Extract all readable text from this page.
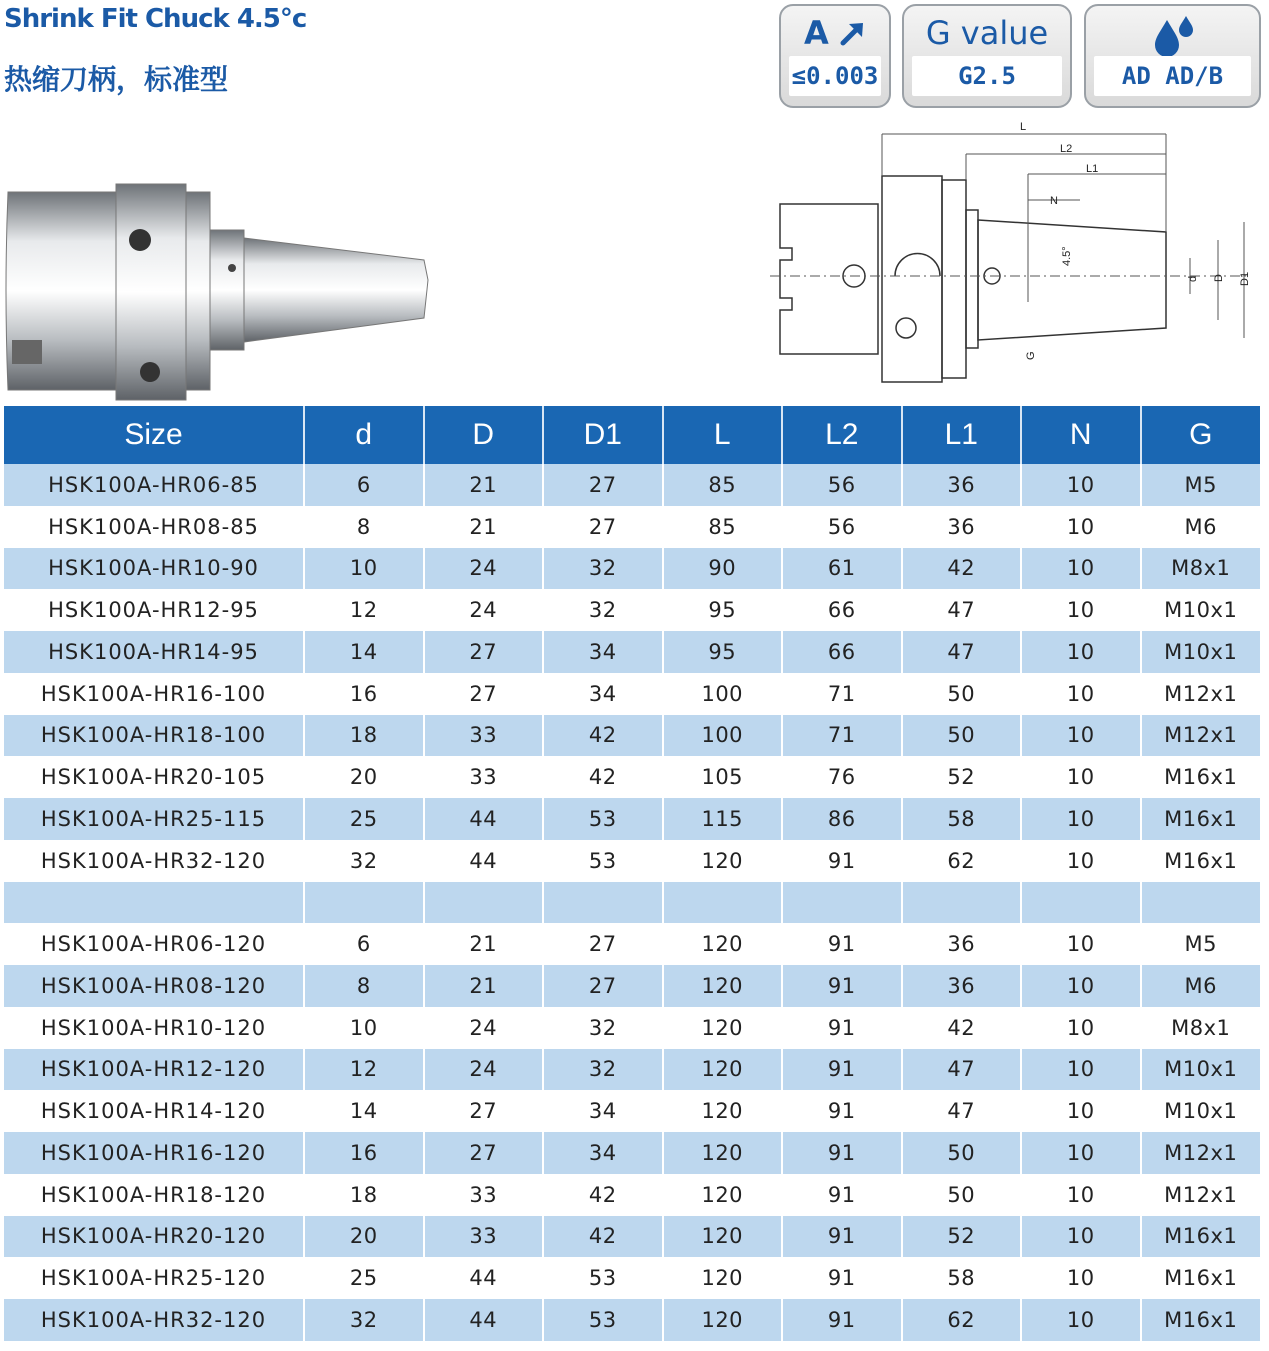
Shrink Fit Chuck 4.5°c
热缩刀柄，标准型
A
≤0.003
G value
G2.5	AD AD/B
L
L2
L1
N
4.5°
d D D1
G
Size	d	D	D1	L	L2	L1	N	G
HSK100A-HR06-85	6	21	27	85	56	36	10	M5
HSK100A-HR08-85	8	21	27	85	56	36	10	M6
HSK100A-HR10-90	10	24	32	90	61	42	10	M8x1
HSK100A-HR12-95	12	24	32	95	66	47	10	M10x1
HSK100A-HR14-95	14	27	34	95	66	47	10	M10x1
HSK100A-HR16-100	16	27	34	100	71	50	10	M12x1
HSK100A-HR18-100	18	33	42	100	71	50	10	M12x1
HSK100A-HR20-105	20	33	42	105	76	52	10	M16x1
HSK100A-HR25-115	25	44	53	115	86	58	10	M16x1
HSK100A-HR32-120	32	44	53	120	91	62	10	M16x1

HSK100A-HR06-120	6	21	27	120	91	36	10	M5
HSK100A-HR08-120	8	21	27	120	91	36	10	M6
HSK100A-HR10-120	10	24	32	120	91	42	10	M8x1
HSK100A-HR12-120	12	24	32	120	91	47	10	M10x1
HSK100A-HR14-120	14	27	34	120	91	47	10	M10x1
HSK100A-HR16-120	16	27	34	120	91	50	10	M12x1
HSK100A-HR18-120	18	33	42	120	91	50	10	M12x1
HSK100A-HR20-120	20	33	42	120	91	52	10	M16x1
HSK100A-HR25-120	25	44	53	120	91	58	10	M16x1
HSK100A-HR32-120	32	44	53	120	91	62	10	M16x1
